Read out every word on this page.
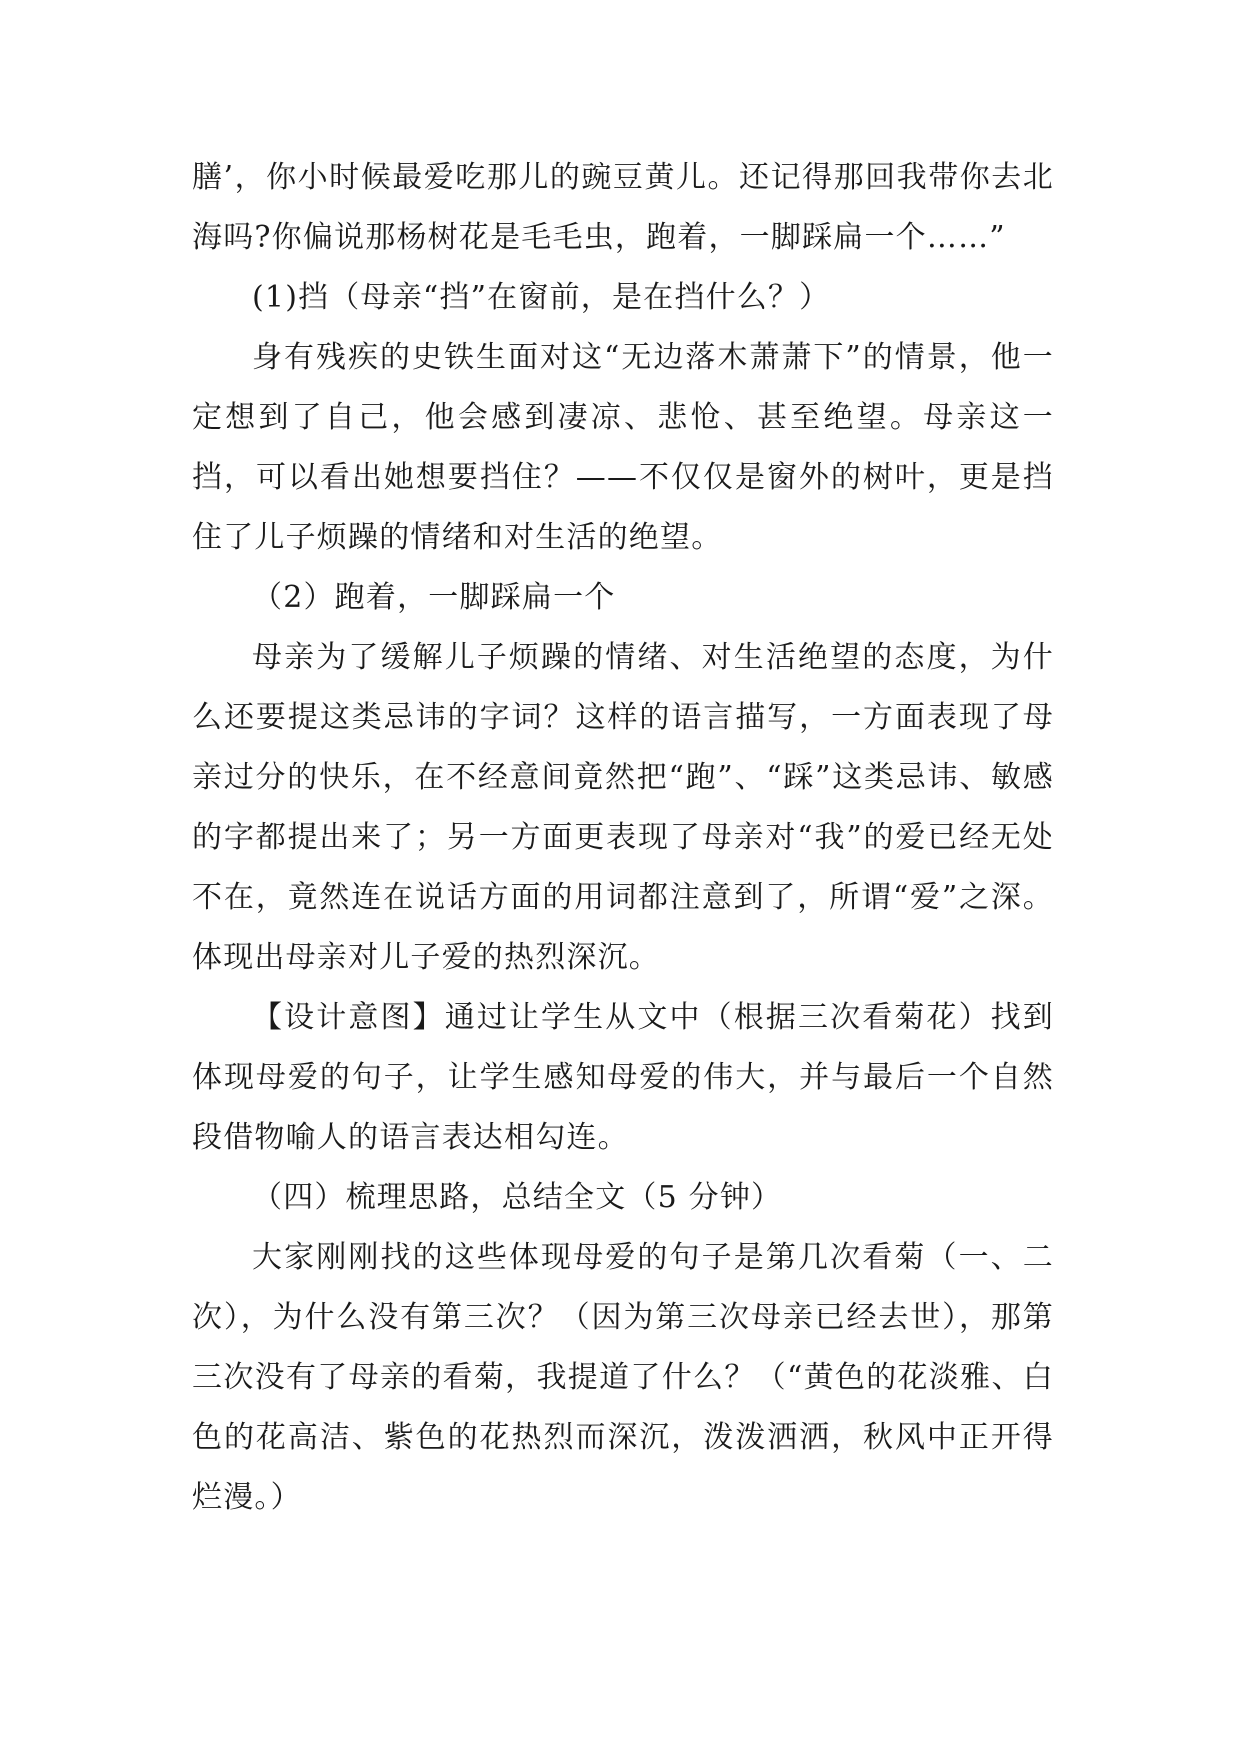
膳’，你小时候最爱吃那儿的豌豆黄儿。还记得那回我带你去北海吗?你偏说那杨树花是毛毛虫，跑着，一脚踩扁一个……”

(1)挡（母亲“挡”在窗前，是在挡什么？）

身有残疾的史铁生面对这“无边落木萧萧下”的情景，他一定想到了自己，他会感到凄凉、悲怆、甚至绝望。母亲这一挡，可以看出她想要挡住？——不仅仅是窗外的树叶，更是挡住了儿子烦躁的情绪和对生活的绝望。

（2）跑着，一脚踩扁一个

母亲为了缓解儿子烦躁的情绪、对生活绝望的态度，为什么还要提这类忌讳的字词？这样的语言描写，一方面表现了母亲过分的快乐，在不经意间竟然把“跑”、“踩”这类忌讳、敏感的字都提出来了；另一方面更表现了母亲对“我”的爱已经无处不在，竟然连在说话方面的用词都注意到了，所谓“爱”之深。体现出母亲对儿子爱的热烈深沉。

【设计意图】通过让学生从文中（根据三次看菊花）找到体现母爱的句子，让学生感知母爱的伟大，并与最后一个自然段借物喻人的语言表达相勾连。

（四）梳理思路，总结全文（5 分钟）

大家刚刚找的这些体现母爱的句子是第几次看菊（一、二次），为什么没有第三次？（因为第三次母亲已经去世），那第三次没有了母亲的看菊，我提道了什么？（“黄色的花淡雅、白色的花高洁、紫色的花热烈而深沉，泼泼洒洒，秋风中正开得烂漫。）
